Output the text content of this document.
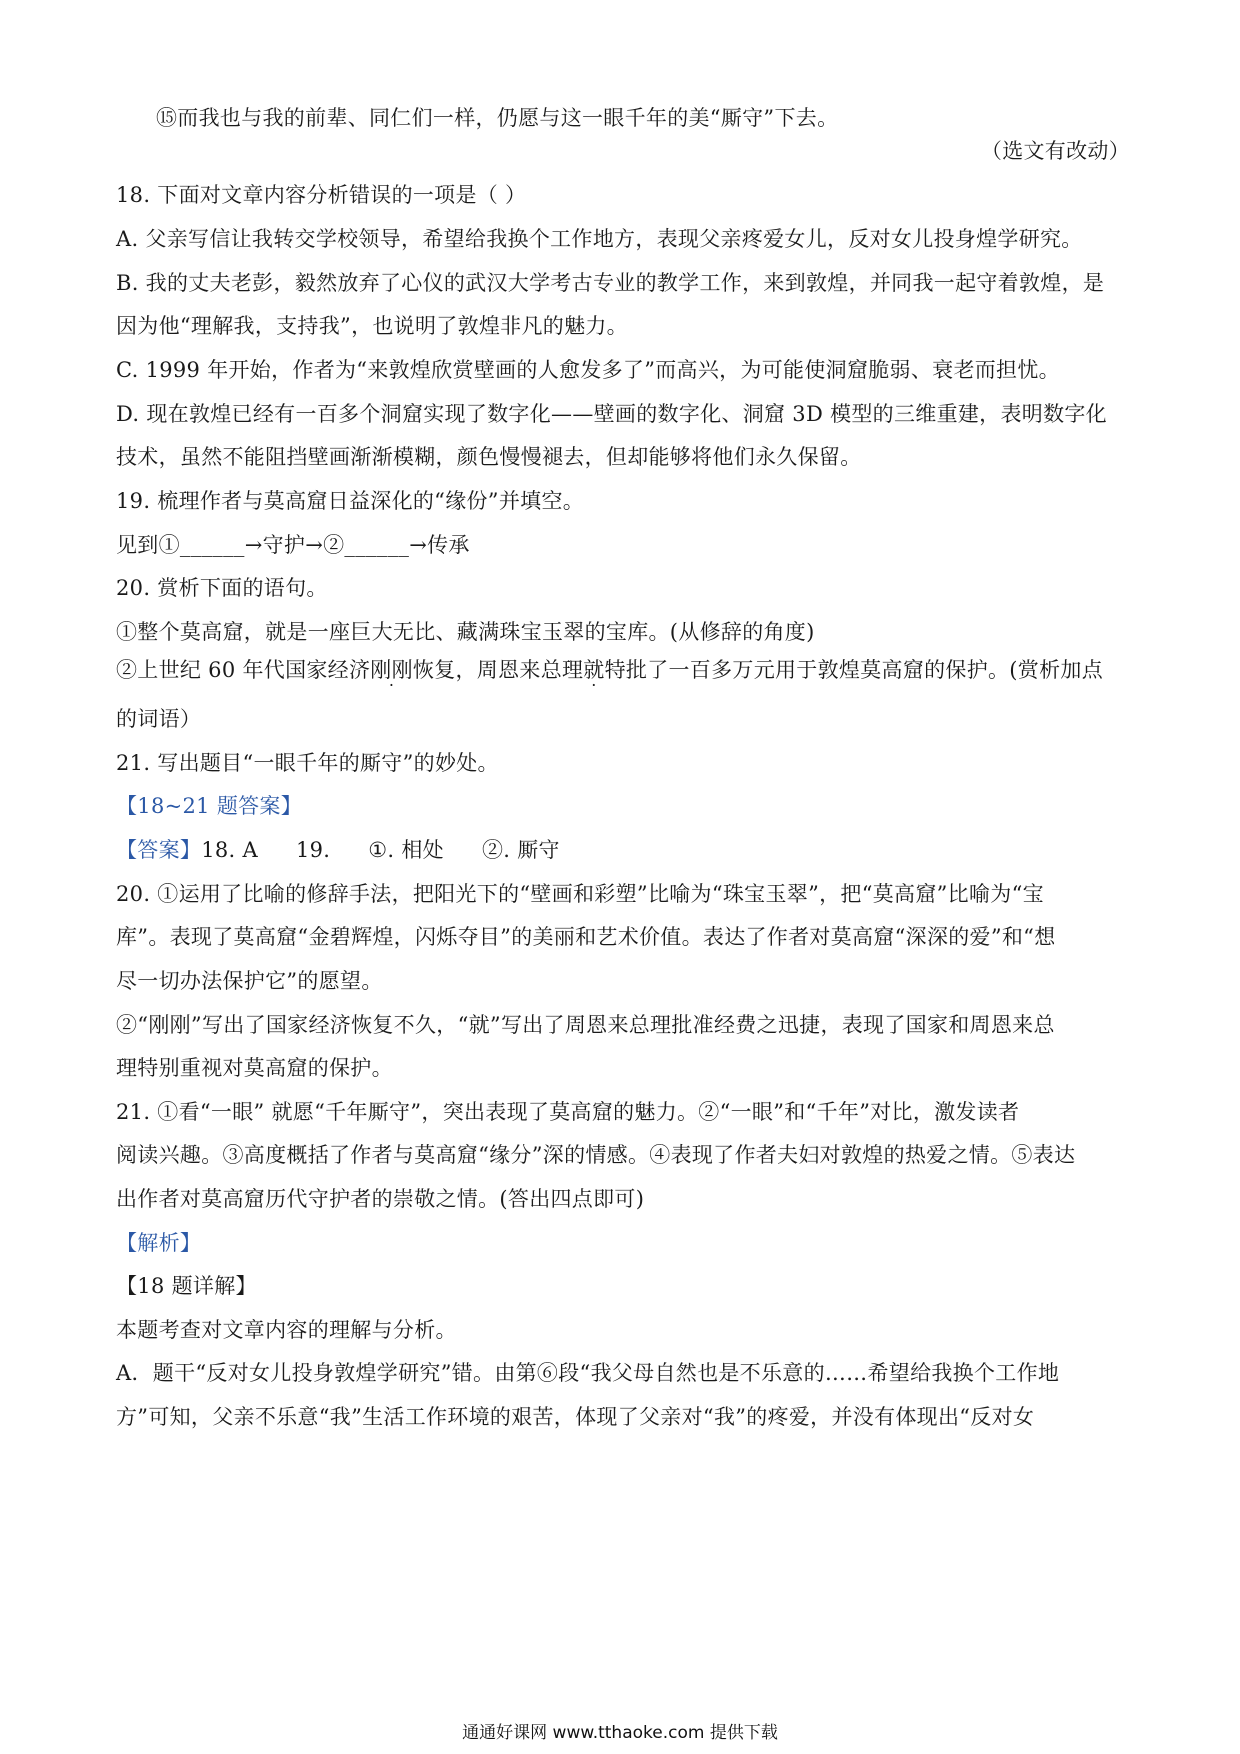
⑮而我也与我的前辈、同仁们一样，仍愿与这一眼千年的美“厮守”下去。
（选文有改动）
18. 下面对文章内容分析错误的一项是（ ）
A. 父亲写信让我转交学校领导，希望给我换个工作地方，表现父亲疼爱女儿，反对女儿投身煌学研究。
B. 我的丈夫老彭，毅然放弃了心仪的武汉大学考古专业的教学工作，来到敦煌，并同我一起守着敦煌，是
因为他“理解我，支持我”，也说明了敦煌非凡的魅力。
C. 1999 年开始，作者为“来敦煌欣赏壁画的人愈发多了”而高兴，为可能使洞窟脆弱、衰老而担忧。
D. 现在敦煌已经有一百多个洞窟实现了数字化——壁画的数字化、洞窟 3D 模型的三维重建，表明数字化
技术，虽然不能阻挡壁画渐渐模糊，颜色慢慢褪去，但却能够将他们永久保留。
19. 梳理作者与莫高窟日益深化的“缘份”并填空。
见到①______→守护→②______→传承
20. 赏析下面的语句。
①整个莫高窟，就是一座巨大无比、藏满珠宝玉翠的宝库。(从修辞的角度)
②上世纪 60 年代国家经济刚刚恢复，周恩来总理就特批了一百多万元用于敦煌莫高窟的保护。(赏析加点
的词语）
21. 写出题目“一眼千年的厮守”的妙处。
【18~21 题答案】
【答案】18. A 19. ①. 相处 ②. 厮守
20. ①运用了比喻的修辞手法，把阳光下的“壁画和彩塑”比喻为“珠宝玉翠”，把“莫高窟”比喻为“宝
库”。表现了莫高窟“金碧辉煌，闪烁夺目”的美丽和艺术价值。表达了作者对莫高窟“深深的爱”和“想
尽一切办法保护它”的愿望。
②“刚刚”写出了国家经济恢复不久，“就”写出了周恩来总理批准经费之迅捷，表现了国家和周恩来总
理特别重视对莫高窟的保护。
21. ①看“一眼” 就愿“千年厮守”，突出表现了莫高窟的魅力。②“一眼”和“千年”对比，激发读者
阅读兴趣。③高度概括了作者与莫高窟“缘分”深的情感。④表现了作者夫妇对敦煌的热爱之情。⑤表达
出作者对莫高窟历代守护者的崇敬之情。(答出四点即可)
【解析】
【18 题详解】
本题考查对文章内容的理解与分析。
A．题干“反对女儿投身敦煌学研究”错。由第⑥段“我父母自然也是不乐意的……希望给我换个工作地
方”可知，父亲不乐意“我”生活工作环境的艰苦，体现了父亲对“我”的疼爱，并没有体现出“反对女
通通好课网 www.tthaoke.com 提供下载
